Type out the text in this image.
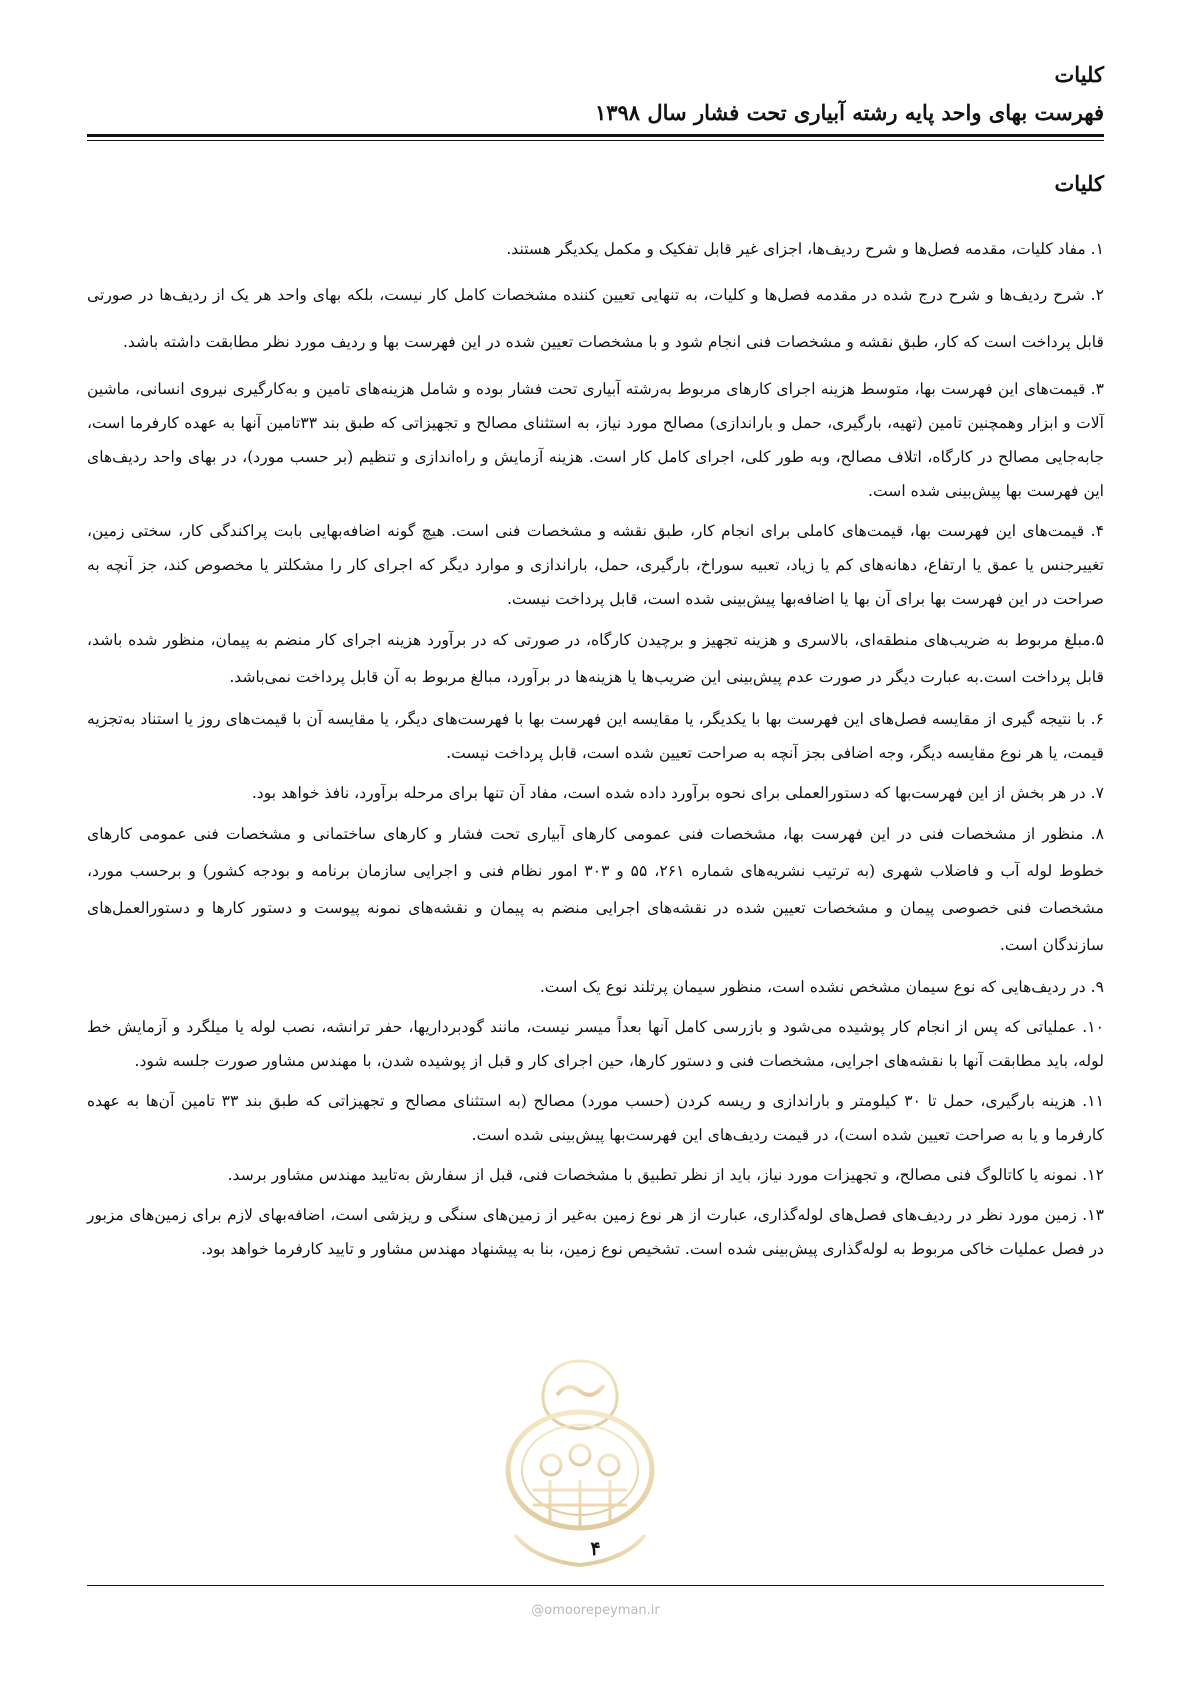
کلیات
فهرست بهای واحد پایه رشته آبیاری تحت فشار سال ۱۳۹۸
کلیات

۱. مفاد کلیات، مقدمه فصل‌ها و شرح ردیف‌ها، اجزای غیر قابل تفکیک و مکمل یکدیگر هستند.

۲. شرح ردیف‌ها و شرح درج شده در مقدمه فصل‌ها و کلیات، به تنهایی تعیین کننده مشخصات کامل کار نیست، بلکه بهای واحد هر یک از ردیف‌ها در صورتی قابل پرداخت است که کار، طبق نقشه و مشخصات فنی انجام شود و با مشخصات تعیین شده در این فهرست بها و ردیف مورد نظر مطابقت داشته باشد.

۳. قیمت‌های این فهرست بها، متوسط هزینه اجرای کارهای مربوط به‌رشته آبیاری تحت فشار بوده و شامل هزینه‌های تامین و به‌کارگیری نیروی انسانی، ماشین آلات و ابزار وهمچنین تامین (تهیه، بارگیری، حمل و باراندازی) مصالح مورد نیاز، به استثنای مصالح و تجهیزاتی که طبق بند ۳۳تامین آنها به عهده کارفرما است، جابه‌جایی مصالح در کارگاه، اتلاف مصالح، وبه طور کلی، اجرای کامل کار است. هزینه آزمایش و راه‌اندازی و تنظیم (بر حسب مورد)، در بهای واحد ردیف‌های این فهرست بها پیش‌بینی شده است.

۴. قیمت‌های این فهرست بها، قیمت‌های کاملی برای انجام کار، طبق نقشه و مشخصات فنی است. هیچ گونه اضافه‌بهایی بابت پراکندگی کار، سختی زمین، تغییرجنس یا عمق یا ارتفاع، دهانه‌های کم یا زیاد، تعبیه سوراخ، بارگیری، حمل، باراندازی و موارد دیگر که اجرای کار را مشکلتر یا مخصوص کند، جز آنچه به صراحت در این فهرست بها برای آن بها یا اضافه‌بها پیش‌بینی شده است، قابل پرداخت نیست.

۵.مبلغ مربوط به ضریب‌های منطقه‌ای، بالاسری و هزینه تجهیز و برچیدن کارگاه، در صورتی که در برآورد هزینه اجرای کار منضم به پیمان، منظور شده باشد، قابل پرداخت است.به عبارت دیگر در صورت عدم پیش‌بینی این ضریب‌ها یا هزینه‌ها در برآورد، مبالغ مربوط به آن قابل پرداخت نمی‌باشد.

۶. با نتیجه گیری از مقایسه فصل‌های این فهرست بها با یکدیگر، یا مقایسه این فهرست بها با فهرست‌های دیگر، یا مقایسه آن با قیمت‌های روز یا استناد به‌تجزیه قیمت، یا هر نوع مقایسه دیگر، وجه اضافی بجز آنچه به صراحت تعیین شده است، قابل پرداخت نیست.

۷. در هر بخش از این فهرست‌بها که دستورالعملی برای نحوه برآورد داده شده است، مفاد آن تنها برای مرحله برآورد، نافذ خواهد بود.

۸. منظور از مشخصات فنی در این فهرست بها، مشخصات فنی عمومی کارهای آبیاری تحت فشار و کارهای ساختمانی و مشخصات فنی عمومی کارهای خطوط لوله آب و فاضلاب شهری (به ترتیب نشریه‌های شماره ۲۶۱، ۵۵ و ۳۰۳ امور نظام فنی و اجرایی سازمان برنامه و بودجه کشور) و برحسب مورد، مشخصات فنی خصوصی پیمان و مشخصات تعیین شده در نقشه‌های اجرایی منضم به پیمان و نقشه‌های نمونه پیوست و دستور کارها و دستورالعمل‌های سازندگان است.

۹. در ردیف‌هایی که نوع سیمان مشخص نشده است، منظور سیمان پرتلند نوع یک است.

۱۰. عملیاتی که پس از انجام کار پوشیده می‌شود و بازرسی کامل آنها بعداً میسر نیست، مانند گودبرداریها، حفر ترانشه، نصب لوله یا میلگرد و آزمایش خط لوله، باید مطابقت آنها با نقشه‌های اجرایی، مشخصات فنی و دستور کارها، حین اجرای کار و قبل از پوشیده شدن، با مهندس مشاور صورت جلسه شود.

۱۱. هزینه بارگیری، حمل تا ۳۰ کیلومتر و باراندازی و ریسه کردن (حسب مورد) مصالح (به استثنای مصالح و تجهیزاتی که طبق بند ۳۳ تامین آن‌ها به عهده کارفرما و یا به صراحت تعیین شده است)، در قیمت ردیف‌های این فهرست‌بها پیش‌بینی شده است.

۱۲. نمونه یا کاتالوگ فنی مصالح، و تجهیزات مورد نیاز، باید از نظر تطبیق با مشخصات فنی، قبل از سفارش به‌تایید مهندس مشاور برسد.

۱۳. زمین مورد نظر در ردیف‌های فصل‌های لوله‌گذاری، عبارت از هر نوع زمین به‌غیر از زمین‌های سنگی و ریزشی است، اضافه‌بهای لازم برای زمین‌های مزبور در فصل عملیات خاکی مربوط به لوله‌گذاری پیش‌بینی شده است. تشخیص نوع زمین، بنا به پیشنهاد مهندس مشاور و تایید کارفرما خواهد بود.

۴
@omoorepeyman.ir
